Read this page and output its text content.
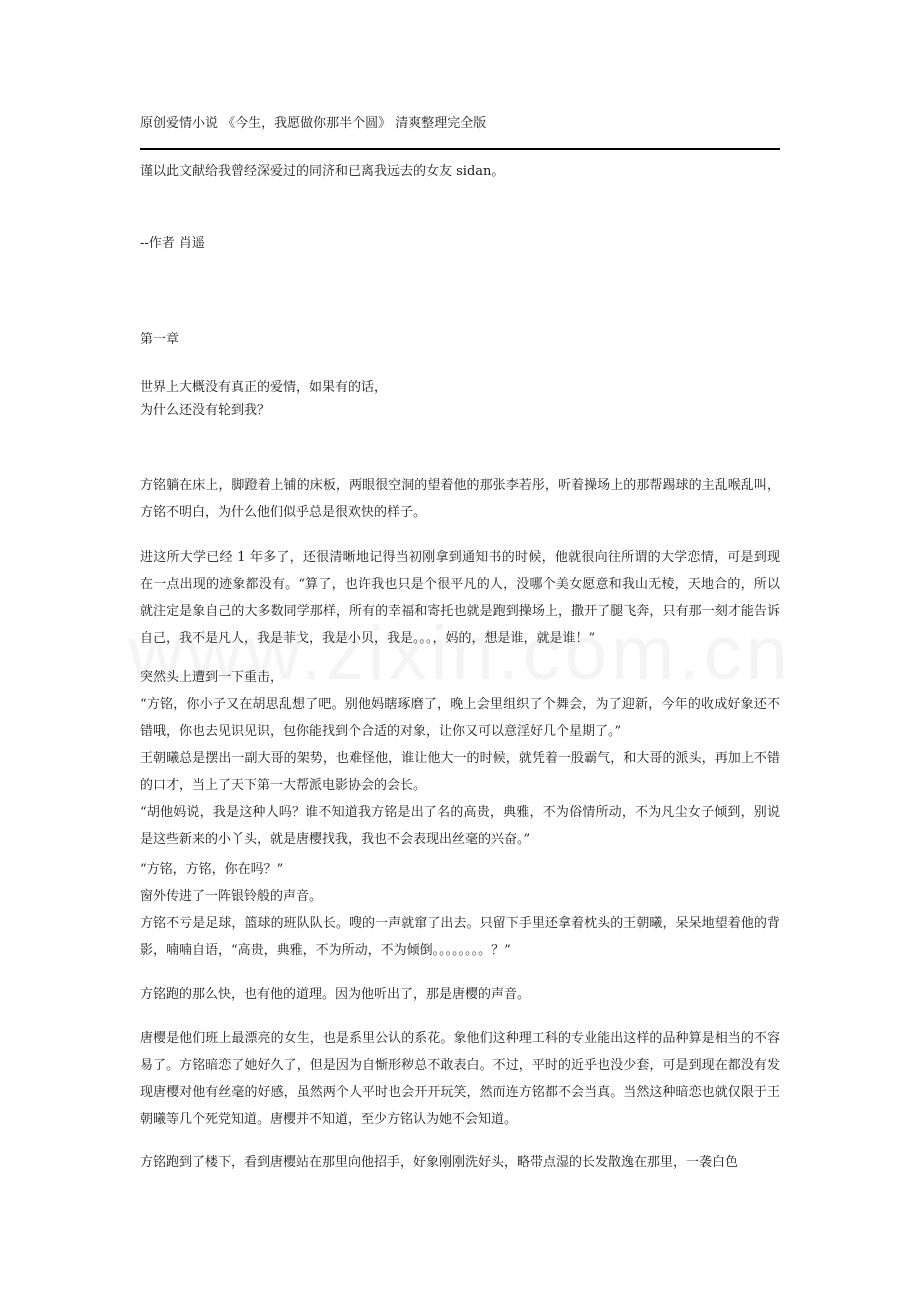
原创爱情小说 《今生，我愿做你那半个圆》 清爽整理完全版
谨以此文献给我曾经深爱过的同济和已离我远去的女友 sidan。
--作者 肖遥
第一章
世界上大概没有真正的爱情，如果有的话，
为什么还没有轮到我？
方铭躺在床上，脚蹬着上铺的床板，两眼很空洞的望着他的那张李若彤，听着操场上的那帮踢球的主乱喉乱叫，方铭不明白，为什么他们似乎总是很欢快的样子。
进这所大学已经 1 年多了，还很清晰地记得当初刚拿到通知书的时候，他就很向往所谓的大学恋情，可是到现在一点出现的迹象都没有。“算了，也许我也只是个很平凡的人，没哪个美女愿意和我山无棱，天地合的，所以就注定是象自己的大多数同学那样，所有的幸福和寄托也就是跑到操场上，撒开了腿飞奔，只有那一刻才能告诉自己，我不是凡人，我是菲戈，我是小贝，我是。。。，妈的，想是谁，就是谁！”
突然头上遭到一下重击，
“方铭，你小子又在胡思乱想了吧。别他妈瞎琢磨了，晚上会里组织了个舞会，为了迎新，今年的收成好象还不错哦，你也去见识见识，包你能找到个合适的对象，让你又可以意淫好几个星期了。”
王朝曦总是摆出一副大哥的架势，也难怪他，谁让他大一的时候，就凭着一股霸气，和大哥的派头，再加上不错的口才，当上了天下第一大帮派电影协会的会长。
“胡他妈说，我是这种人吗？谁不知道我方铭是出了名的高贵，典雅，不为俗情所动，不为凡尘女子倾到，别说是这些新来的小丫头，就是唐樱找我，我也不会表现出丝毫的兴奋。”
“方铭，方铭，你在吗？”
窗外传进了一阵银铃般的声音。
方铭不亏是足球，篮球的班队队长。嗖的一声就窜了出去。只留下手里还拿着枕头的王朝曦，呆呆地望着他的背影，喃喃自语，“高贵，典雅，不为所动，不为倾倒。。。。。。。。？”
方铭跑的那么快，也有他的道理。因为他听出了，那是唐樱的声音。
唐樱是他们班上最漂亮的女生，也是系里公认的系花。象他们这种理工科的专业能出这样的品种算是相当的不容易了。方铭暗恋了她好久了，但是因为自惭形秽总不敢表白。不过，平时的近乎也没少套，可是到现在都没有发现唐樱对他有丝毫的好感，虽然两个人平时也会开开玩笑，然而连方铭都不会当真。当然这种暗恋也就仅限于王朝曦等几个死党知道。唐樱并不知道，至少方铭认为她不会知道。
方铭跑到了楼下，看到唐樱站在那里向他招手，好象刚刚洗好头，略带点湿的长发散逸在那里，一袭白色
